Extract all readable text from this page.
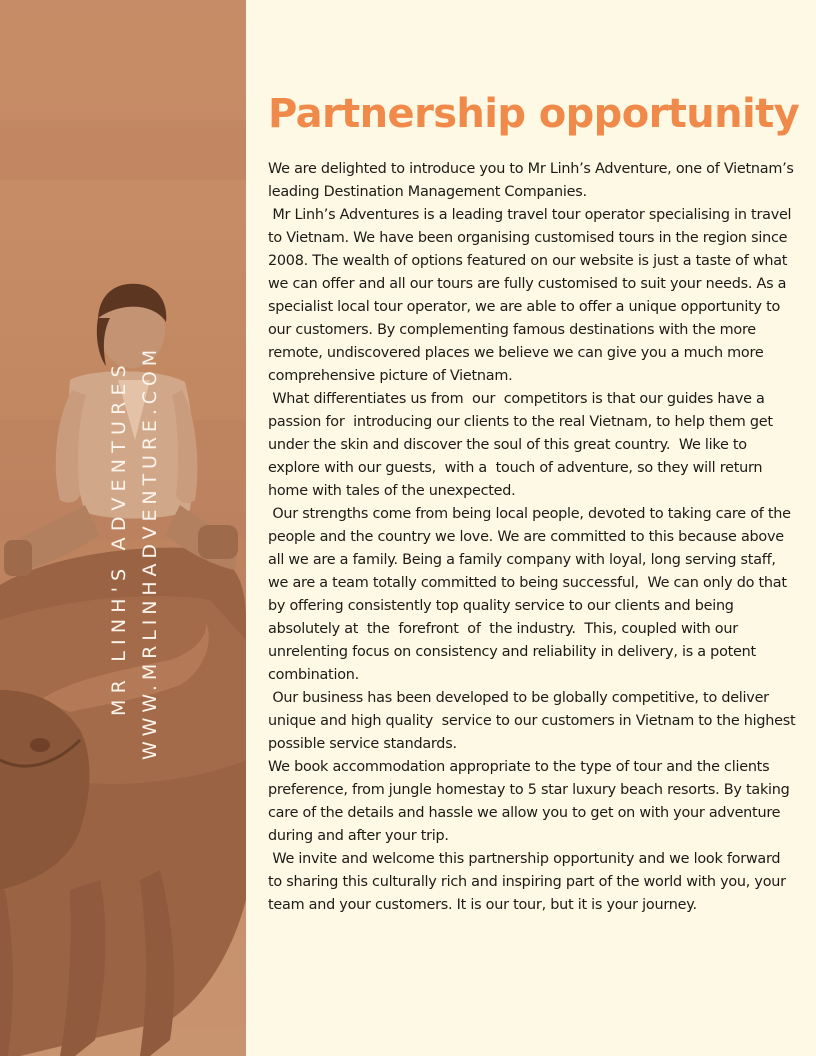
MR LINH'S ADVENTURES WWW.MRLINHADVENTURE.COM
Partnership opportunity

We are delighted to introduce you to Mr Linh’s Adventure, one of Vietnam’s leading Destination Management Companies.

Mr Linh’s Adventures is a leading travel tour operator specialising in travel to Vietnam. We have been organising customised tours in the region since 2008. The wealth of options featured on our website is just a taste of what we can offer and all our tours are fully customised to suit your needs. As a specialist local tour operator, we are able to offer a unique opportunity to our customers. By complementing famous destinations with the more remote, undiscovered places we believe we can give you a much more comprehensive picture of Vietnam.

What differentiates us from  our  competitors is that our guides have a passion for  introducing our clients to the real Vietnam, to help them get under the skin and discover the soul of this great country.  We like to explore with our guests,  with a  touch of adventure, so they will return home with tales of the unexpected.

Our strengths come from being local people, devoted to taking care of the people and the country we love. We are committed to this because above all we are a family. Being a family company with loyal, long serving staff, we are a team totally committed to being successful,  We can only do that by offering consistently top quality service to our clients and being  absolutely at  the  forefront  of  the industry.  This, coupled with our unrelenting focus on consistency and reliability in delivery, is a potent combination.

Our business has been developed to be globally competitive, to deliver unique and high quality  service to our customers in Vietnam to the highest possible service standards.

We book accommodation appropriate to the type of tour and the clients preference, from jungle homestay to 5 star luxury beach resorts. By taking care of the details and hassle we allow you to get on with your adventure during and after your trip.

We invite and welcome this partnership opportunity and we look forward to sharing this culturally rich and inspiring part of the world with you, your team and your customers. It is our tour, but it is your journey.
